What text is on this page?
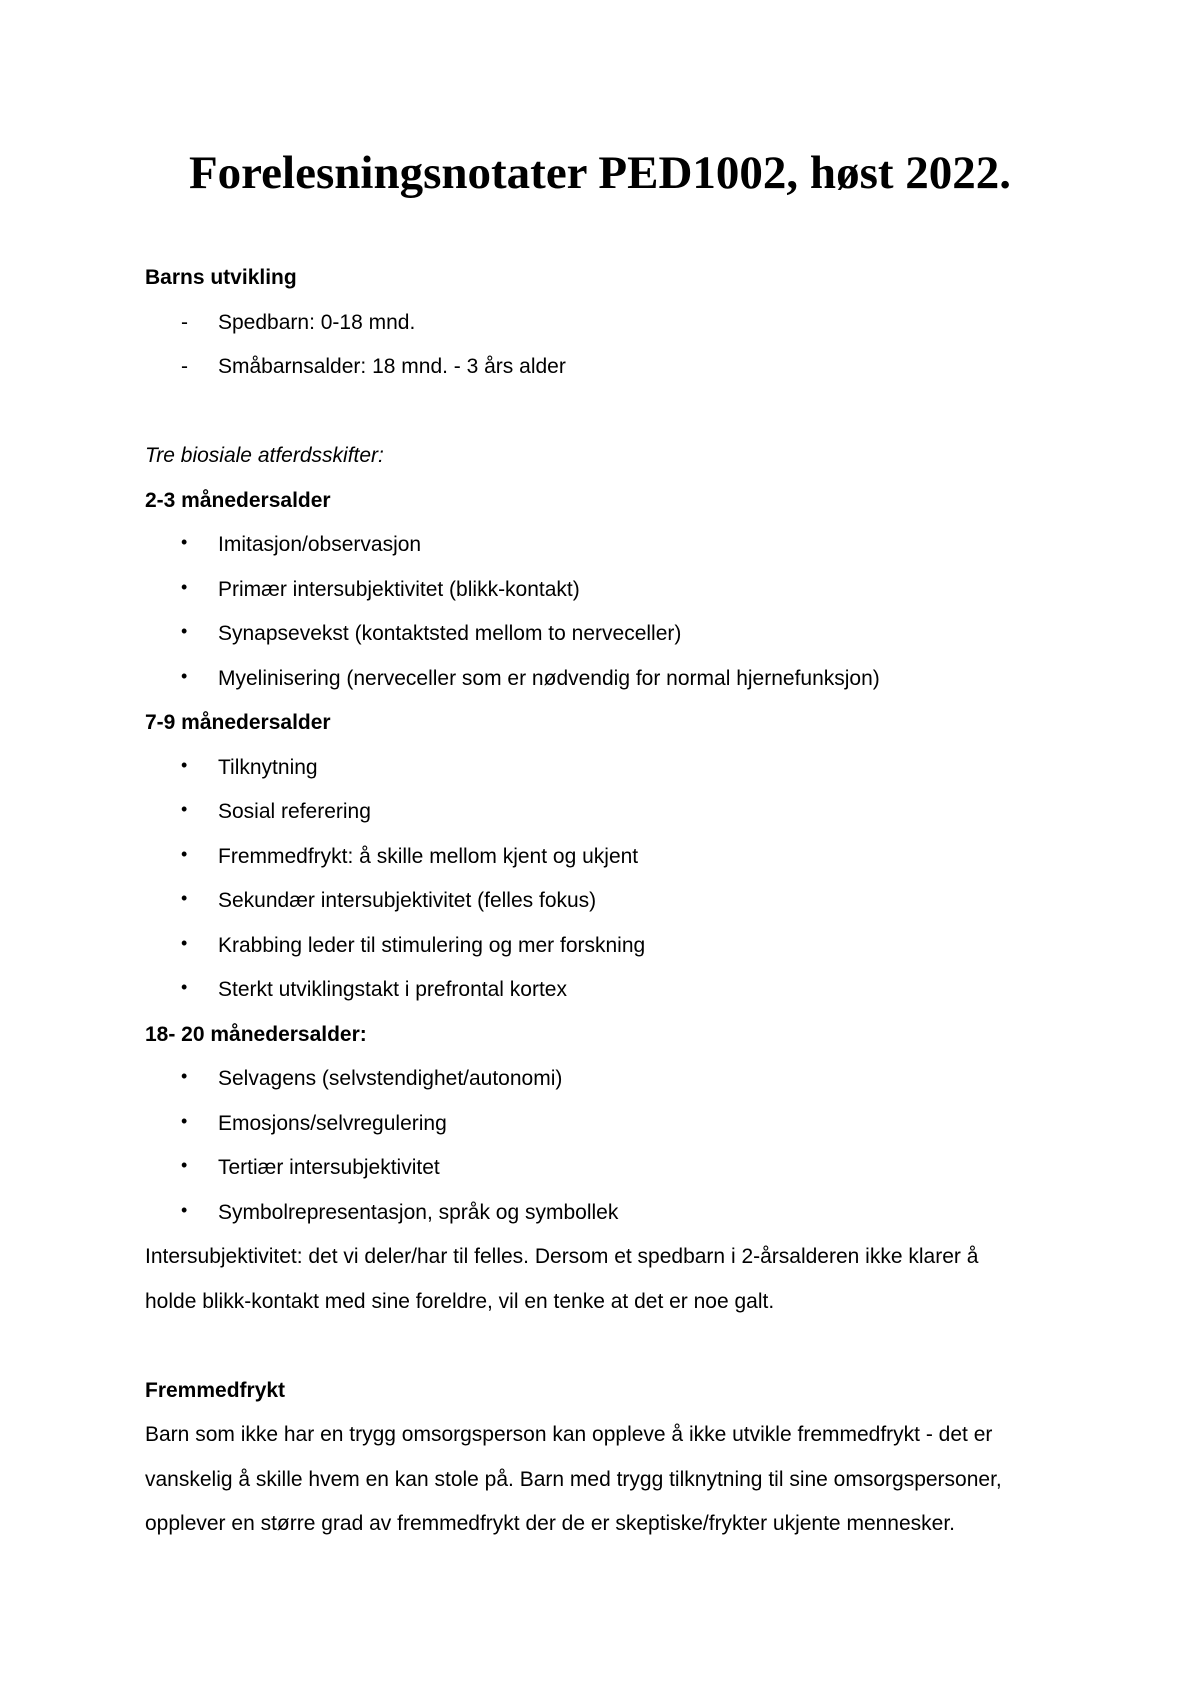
Forelesningsnotater PED1002, høst 2022.
Barns utvikling
- Spedbarn: 0-18 mnd.
- Småbarnsalder: 18 mnd. - 3 års alder
Tre biosiale atferdsskifter:
2-3 månedersalder
• Imitasjon/observasjon
• Primær intersubjektivitet (blikk-kontakt)
• Synapsevekst (kontaktsted mellom to nerveceller)
• Myelinisering (nerveceller som er nødvendig for normal hjernefunksjon)
7-9 månedersalder
• Tilknytning
• Sosial referering
• Fremmedfrykt: å skille mellom kjent og ukjent
• Sekundær intersubjektivitet (felles fokus)
• Krabbing leder til stimulering og mer forskning
• Sterkt utviklingstakt i prefrontal kortex
18- 20 månedersalder:
• Selvagens (selvstendighet/autonomi)
• Emosjons/selvregulering
• Tertiær intersubjektivitet
• Symbolrepresentasjon, språk og symbollek
Intersubjektivitet: det vi deler/har til felles. Dersom et spedbarn i 2-årsalderen ikke klarer å
holde blikk-kontakt med sine foreldre, vil en tenke at det er noe galt.
Fremmedfrykt
Barn som ikke har en trygg omsorgsperson kan oppleve å ikke utvikle fremmedfrykt - det er
vanskelig å skille hvem en kan stole på. Barn med trygg tilknytning til sine omsorgspersoner,
opplever en større grad av fremmedfrykt der de er skeptiske/frykter ukjente mennesker.
